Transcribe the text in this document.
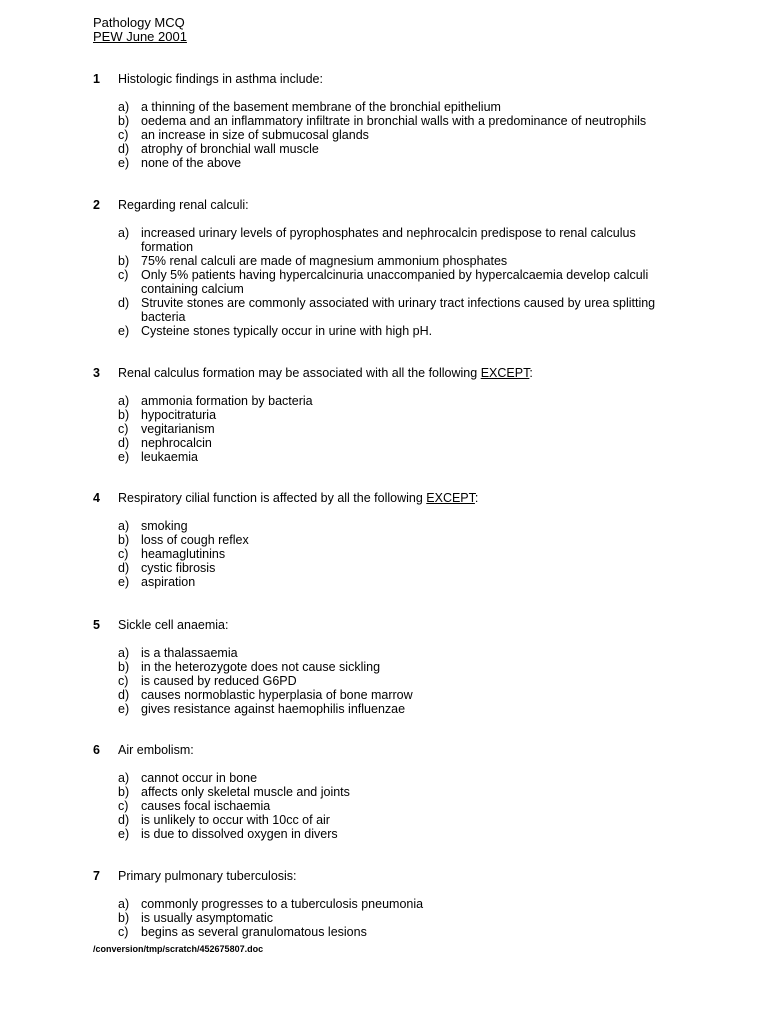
Pathology MCQ
PEW June 2001
1	Histologic findings in asthma include:
a) a thinning of the basement membrane of the bronchial epithelium
b) oedema and an inflammatory infiltrate in bronchial walls with a predominance of neutrophils
c) an increase in size of submucosal glands
d) atrophy of bronchial wall muscle
e) none of the above
2	Regarding renal calculi:
a) increased urinary levels of pyrophosphates and nephrocalcin predispose to renal calculus formation
b) 75% renal calculi are made of magnesium ammonium phosphates
c) Only 5% patients having hypercalcinuria unaccompanied by hypercalcaemia develop calculi containing calcium
d) Struvite stones are commonly associated with urinary tract infections caused by urea splitting bacteria
e) Cysteine stones typically occur in urine with high pH.
3	Renal calculus formation may be associated with all the following EXCEPT:
a) ammonia formation by bacteria
b) hypocitraturia
c) vegitarianism
d) nephrocalcin
e) leukaemia
4	Respiratory cilial function is affected by all the following EXCEPT:
a) smoking
b) loss of cough reflex
c) heamaglutinins
d) cystic fibrosis
e) aspiration
5	Sickle cell anaemia:
a) is a thalassaemia
b) in the heterozygote does not cause sickling
c) is caused by reduced G6PD
d) causes normoblastic hyperplasia of bone marrow
e) gives resistance against haemophilis influenzae
6	Air embolism:
a) cannot occur in bone
b) affects only skeletal muscle and joints
c) causes focal ischaemia
d) is unlikely to occur with 10cc of air
e) is due to dissolved oxygen in divers
7	Primary pulmonary tuberculosis:
a) commonly progresses to a tuberculosis pneumonia
b) is usually asymptomatic
c) begins as several granulomatous lesions
/conversion/tmp/scratch/452675807.doc
